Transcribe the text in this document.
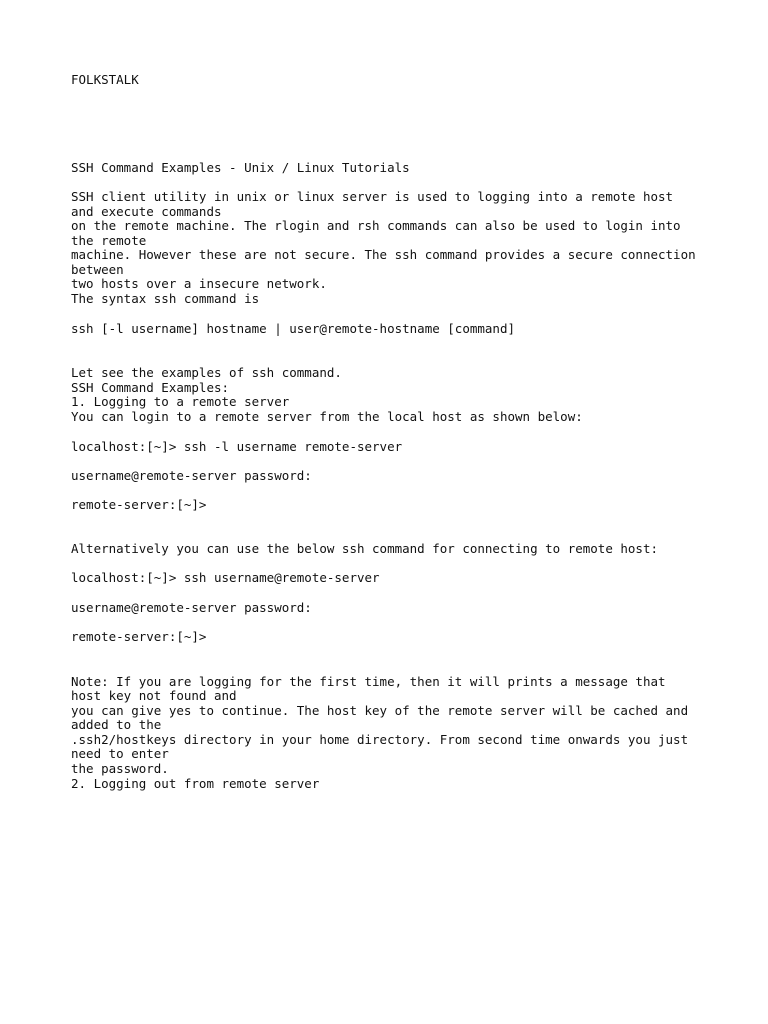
FOLKSTALK

SSH Command Examples - Unix / Linux Tutorials

SSH client utility in unix or linux server is used to logging into a remote host

and execute commands

on the remote machine. The rlogin and rsh commands can also be used to login into

the remote

machine. However these are not secure. The ssh command provides a secure connection

between

two hosts over a insecure network.

The syntax ssh command is

ssh [-l username] hostname | user@remote-hostname [command]

Let see the examples of ssh command.

SSH Command Examples:

1. Logging to a remote server

You can login to a remote server from the local host as shown below:

localhost:[~]> ssh -l username remote-server

username@remote-server password:

remote-server:[~]>

Alternatively you can use the below ssh command for connecting to remote host:

localhost:[~]> ssh username@remote-server

username@remote-server password:

remote-server:[~]>

Note: If you are logging for the first time, then it will prints a message that

host key not found and

you can give yes to continue. The host key of the remote server will be cached and

added to the

.ssh2/hostkeys directory in your home directory. From second time onwards you just

need to enter

the password.

2. Logging out from remote server
